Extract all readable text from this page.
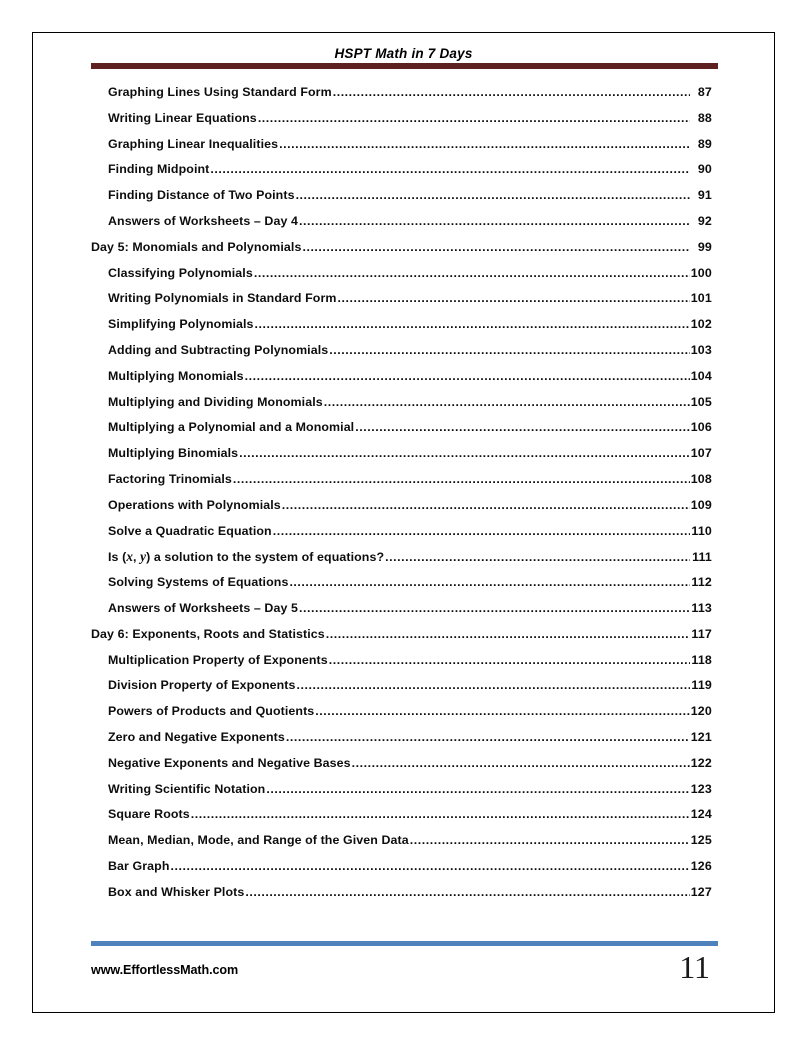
HSPT Math in 7 Days
Graphing Lines Using Standard Form .....	87
Writing Linear Equations .....	88
Graphing Linear Inequalities .....	89
Finding Midpoint .....	90
Finding Distance of Two Points .....	91
Answers of Worksheets – Day 4 .....	92
Day 5: Monomials and Polynomials .....	99
Classifying Polynomials .....	100
Writing Polynomials in Standard Form .....	101
Simplifying Polynomials .....	102
Adding and Subtracting Polynomials .....	103
Multiplying Monomials .....	104
Multiplying and Dividing Monomials .....	105
Multiplying a Polynomial and a Monomial .....	106
Multiplying Binomials .....	107
Factoring Trinomials .....	108
Operations with Polynomials .....	109
Solve a Quadratic Equation .....	110
Is (x, y) a solution to the system of equations? .....	111
Solving Systems of Equations .....	112
Answers of Worksheets – Day 5 .....	113
Day 6: Exponents, Roots and Statistics .....	117
Multiplication Property of Exponents .....	118
Division Property of Exponents .....	119
Powers of Products and Quotients .....	120
Zero and Negative Exponents .....	121
Negative Exponents and Negative Bases .....	122
Writing Scientific Notation .....	123
Square Roots .....	124
Mean, Median, Mode, and Range of the Given Data .....	125
Bar Graph .....	126
Box and Whisker Plots .....	127
www.EffortlessMath.com	11
